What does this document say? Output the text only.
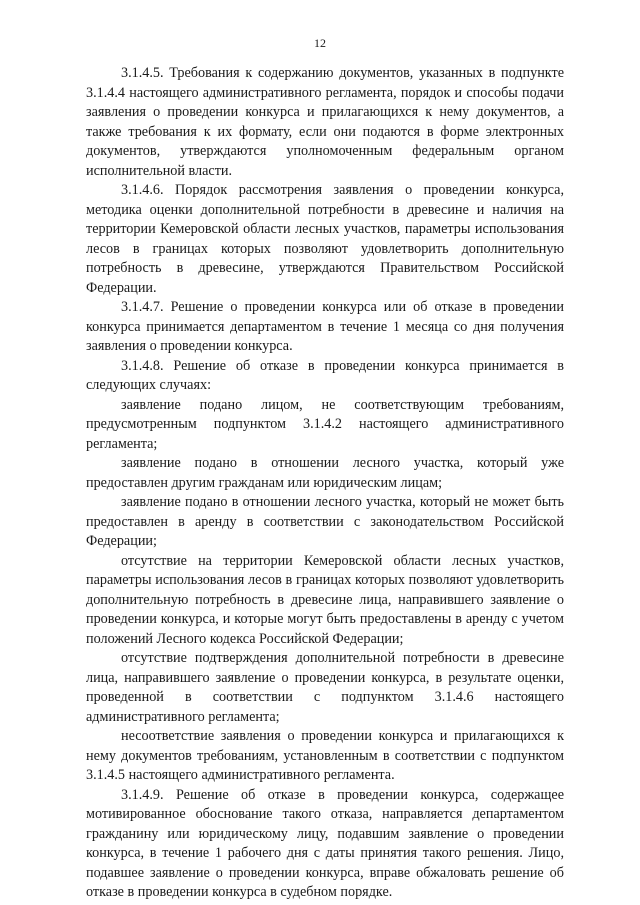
12

3.1.4.5. Требования к содержанию документов, указанных в подпункте 3.1.4.4 настоящего административного регламента, порядок и способы подачи заявления о проведении конкурса и прилагающихся к нему документов, а также требования к их формату, если они подаются в форме электронных документов, утверждаются уполномоченным федеральным органом исполнительной власти.

3.1.4.6. Порядок рассмотрения заявления о проведении конкурса, методика оценки дополнительной потребности в древесине и наличия на территории Кемеровской области лесных участков, параметры использования лесов в границах которых позволяют удовлетворить дополнительную потребность в древесине, утверждаются Правительством Российской Федерации.

3.1.4.7. Решение о проведении конкурса или об отказе в проведении конкурса принимается департаментом в течение 1 месяца со дня получения заявления о проведении конкурса.

3.1.4.8. Решение об отказе в проведении конкурса принимается в следующих случаях:

заявление подано лицом, не соответствующим требованиям, предусмотренным подпунктом 3.1.4.2 настоящего административного регламента;

заявление подано в отношении лесного участка, который уже предоставлен другим гражданам или юридическим лицам;

заявление подано в отношении лесного участка, который не может быть предоставлен в аренду в соответствии с законодательством Российской Федерации;

отсутствие на территории Кемеровской области лесных участков, параметры использования лесов в границах которых позволяют удовлетворить дополнительную потребность в древесине лица, направившего заявление о проведении конкурса, и которые могут быть предоставлены в аренду с учетом положений Лесного кодекса Российской Федерации;

отсутствие подтверждения дополнительной потребности в древесине лица, направившего заявление о проведении конкурса, в результате оценки, проведенной в соответствии с подпунктом 3.1.4.6 настоящего административного регламента;

несоответствие заявления о проведении конкурса и прилагающихся к нему документов требованиям, установленным в соответствии с подпунктом 3.1.4.5 настоящего административного регламента.

3.1.4.9. Решение об отказе в проведении конкурса, содержащее мотивированное обоснование такого отказа, направляется департаментом гражданину или юридическому лицу, подавшим заявление о проведении конкурса, в течение 1 рабочего дня с даты принятия такого решения. Лицо, подавшее заявление о проведении конкурса, вправе обжаловать решение об отказе в проведении конкурса в судебном порядке.
